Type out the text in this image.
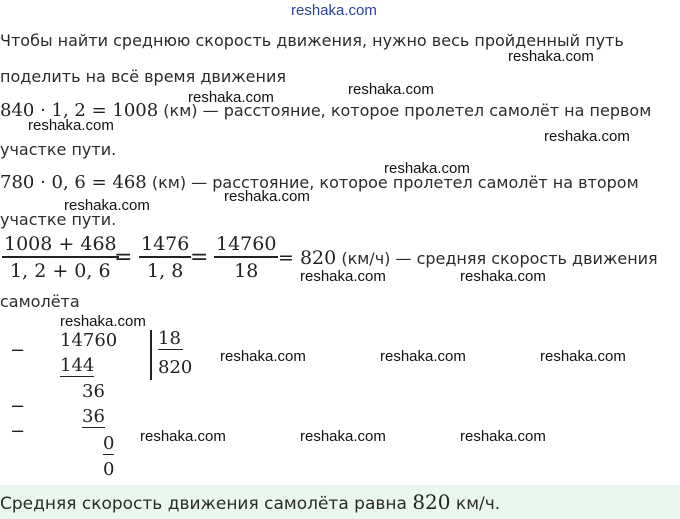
reshaka.com
Чтобы найти среднюю скорость движения, нужно весь пройденный путь
поделить на всё время движения
840 · 1, 2 = 1008 (км) — расстояние, которое пролетел самолёт на первом
участке пути.
780 · 0, 6 = 468 (км) — расстояние, которое пролетел самолёт на втором
участке пути.
1008 + 468
1, 2 + 0, 6
=
1476
1, 8
=
14760
18
= 820 (км/ч) — средняя скорость движения
самолёта
− 14760
144
18
820
36
−	36
−
0
0
reshaka.com
reshaka.com
reshaka.com
reshaka.com
reshaka.com
reshaka.com
reshaka.com
reshaka.com
reshaka.com	reshaka.com
reshaka.com
reshaka.com	reshaka.com	reshaka.com
reshaka.com	reshaka.com	reshaka.com
Средняя скорость движения самолёта равна 820 км/ч.
